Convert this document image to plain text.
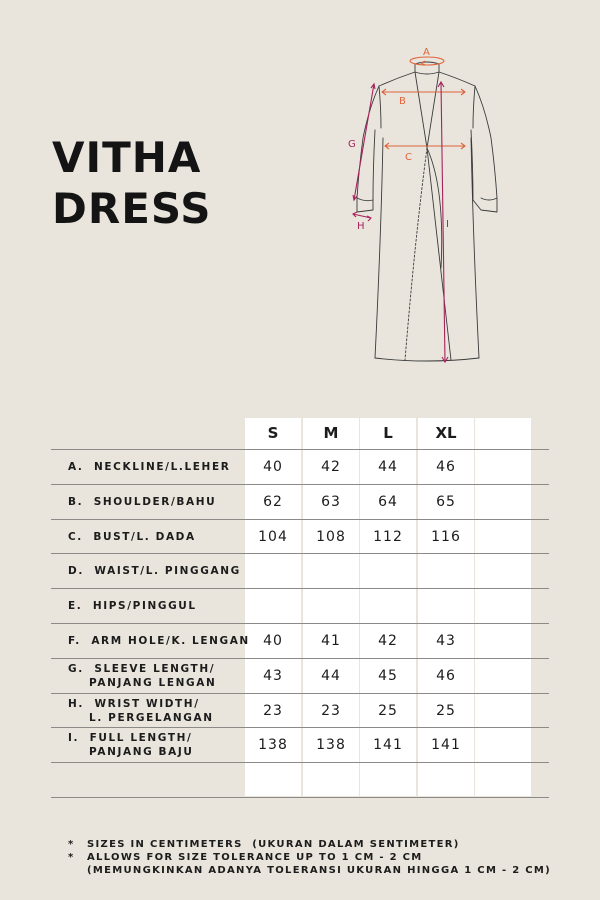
VITHA
DRESS
A
B
C
G
H	I
S	M	L	XL
A.  NECKLINE/L.LEHER	40	42	44	46
B.  SHOULDER/BAHU	62	63	64	65
C.  BUST/L. DADA	104	108	112	116
D.  WAIST/L. PINGGANG
E.  HIPS/PINGGUL
F.  ARM HOLE/K. LENGAN 40	41	42	43
G.  SLEEVE LENGTH/
PANJANG LENGAN	43	44	45	46
H.  WRIST WIDTH/
L. PERGELANGAN	23	23	25	25
I.  FULL LENGTH/
PANJANG BAJU	138	138	141	141
*	SIZES IN CENTIMETERS  (UKURAN DALAM SENTIMETER)
*	ALLOWS FOR SIZE TOLERANCE UP TO 1 CM - 2 CM
(MEMUNGKINKAN ADANYA TOLERANSI UKURAN HINGGA 1 CM - 2 CM)
